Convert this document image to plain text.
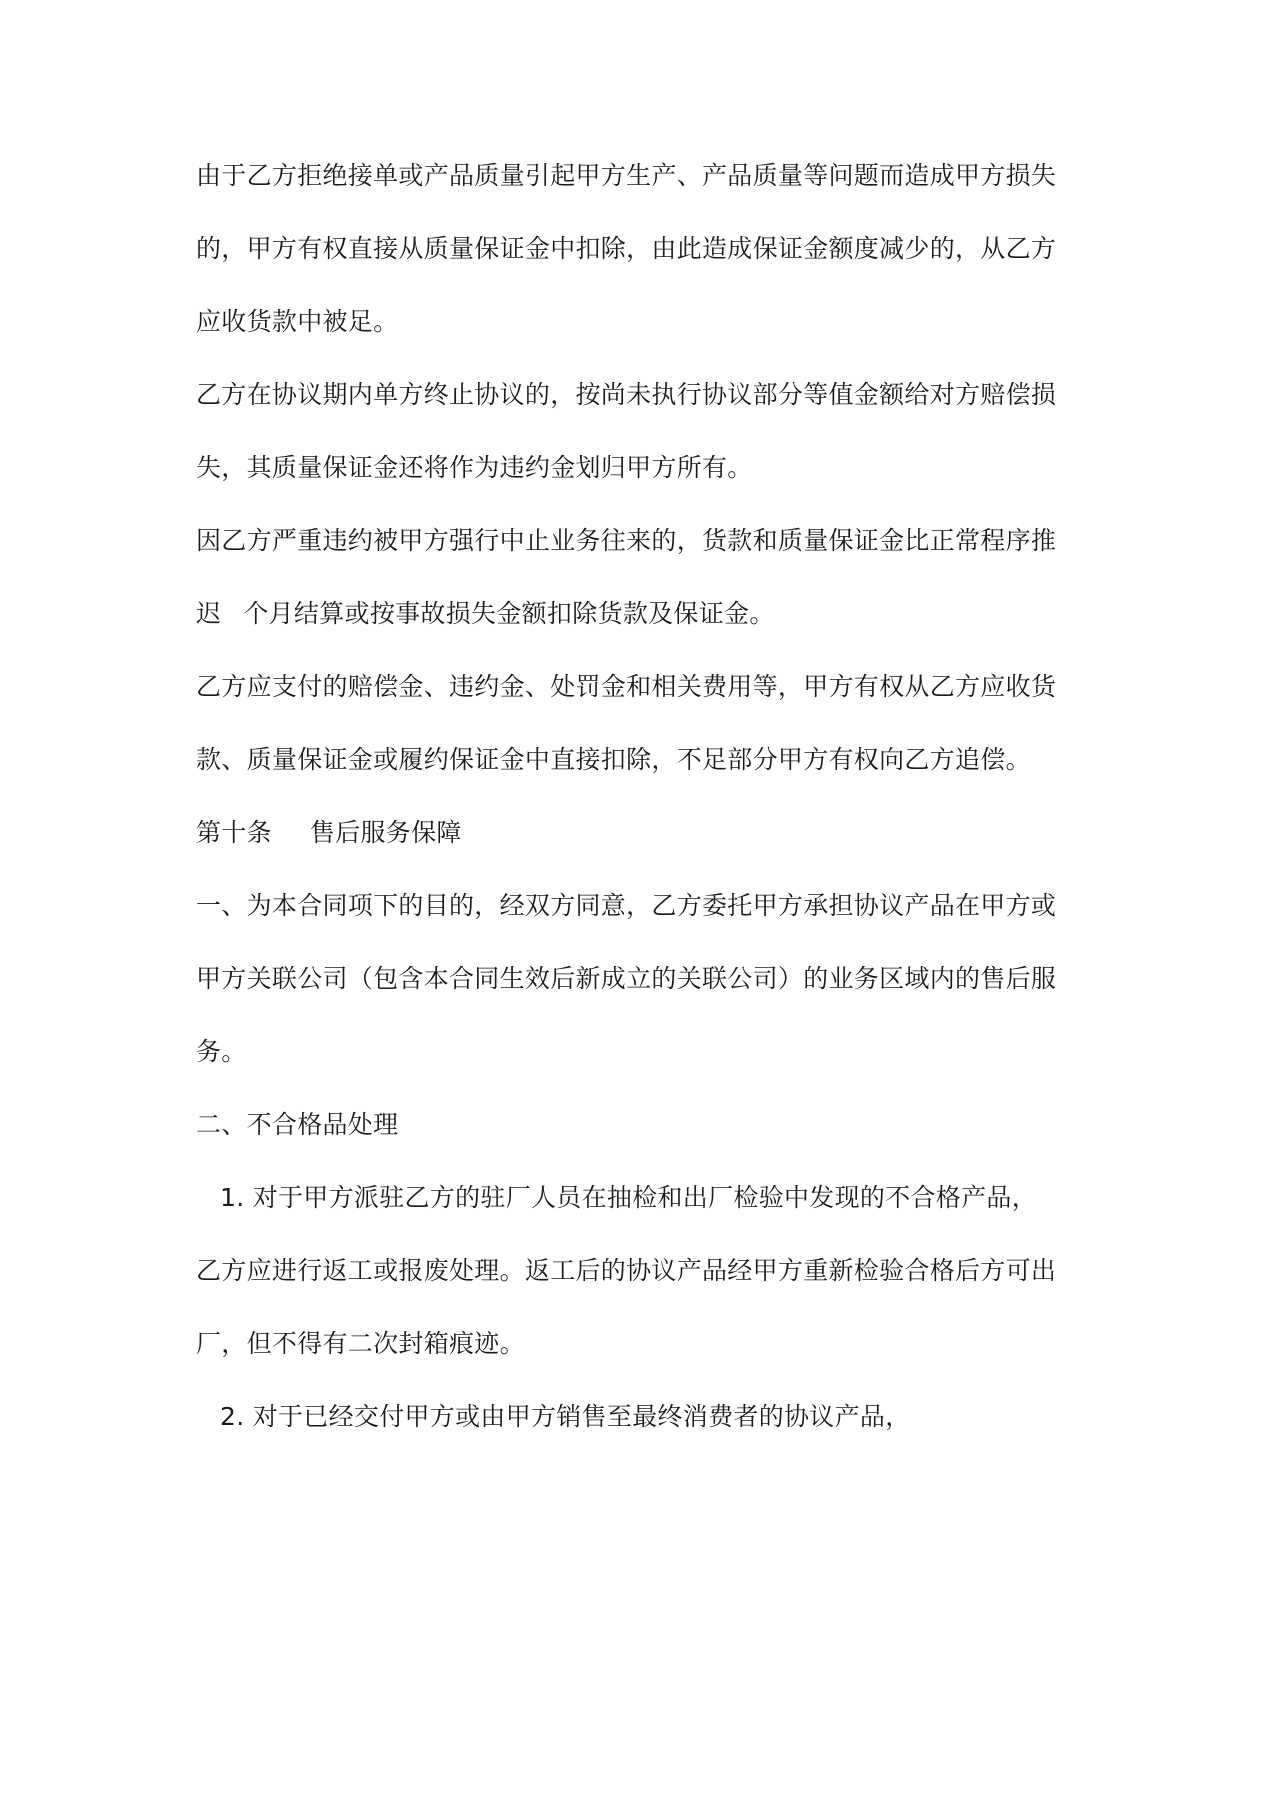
由于乙方拒绝接单或产品质量引起甲方生产、产品质量等问题而造成甲方损失
的，甲方有权直接从质量保证金中扣除，由此造成保证金额度减少的，从乙方
应收货款中被足。
乙方在协议期内单方终止协议的，按尚未执行协议部分等值金额给对方赔偿损
失，其质量保证金还将作为违约金划归甲方所有。
因乙方严重违约被甲方强行中止业务往来的，货款和质量保证金比正常程序推
迟 个月结算或按事故损失金额扣除货款及保证金。
乙方应支付的赔偿金、违约金、处罚金和相关费用等，甲方有权从乙方应收货
款、质量保证金或履约保证金中直接扣除，不足部分甲方有权向乙方追偿。
第十条 售后服务保障
一、为本合同项下的目的，经双方同意，乙方委托甲方承担协议产品在甲方或
甲方关联公司（包含本合同生效后新成立的关联公司）的业务区域内的售后服
务。
二、不合格品处理
1. 对于甲方派驻乙方的驻厂人员在抽检和出厂检验中发现的不合格产品，
乙方应进行返工或报废处理。返工后的协议产品经甲方重新检验合格后方可出
厂，但不得有二次封箱痕迹。
2. 对于已经交付甲方或由甲方销售至最终消费者的协议产品，
